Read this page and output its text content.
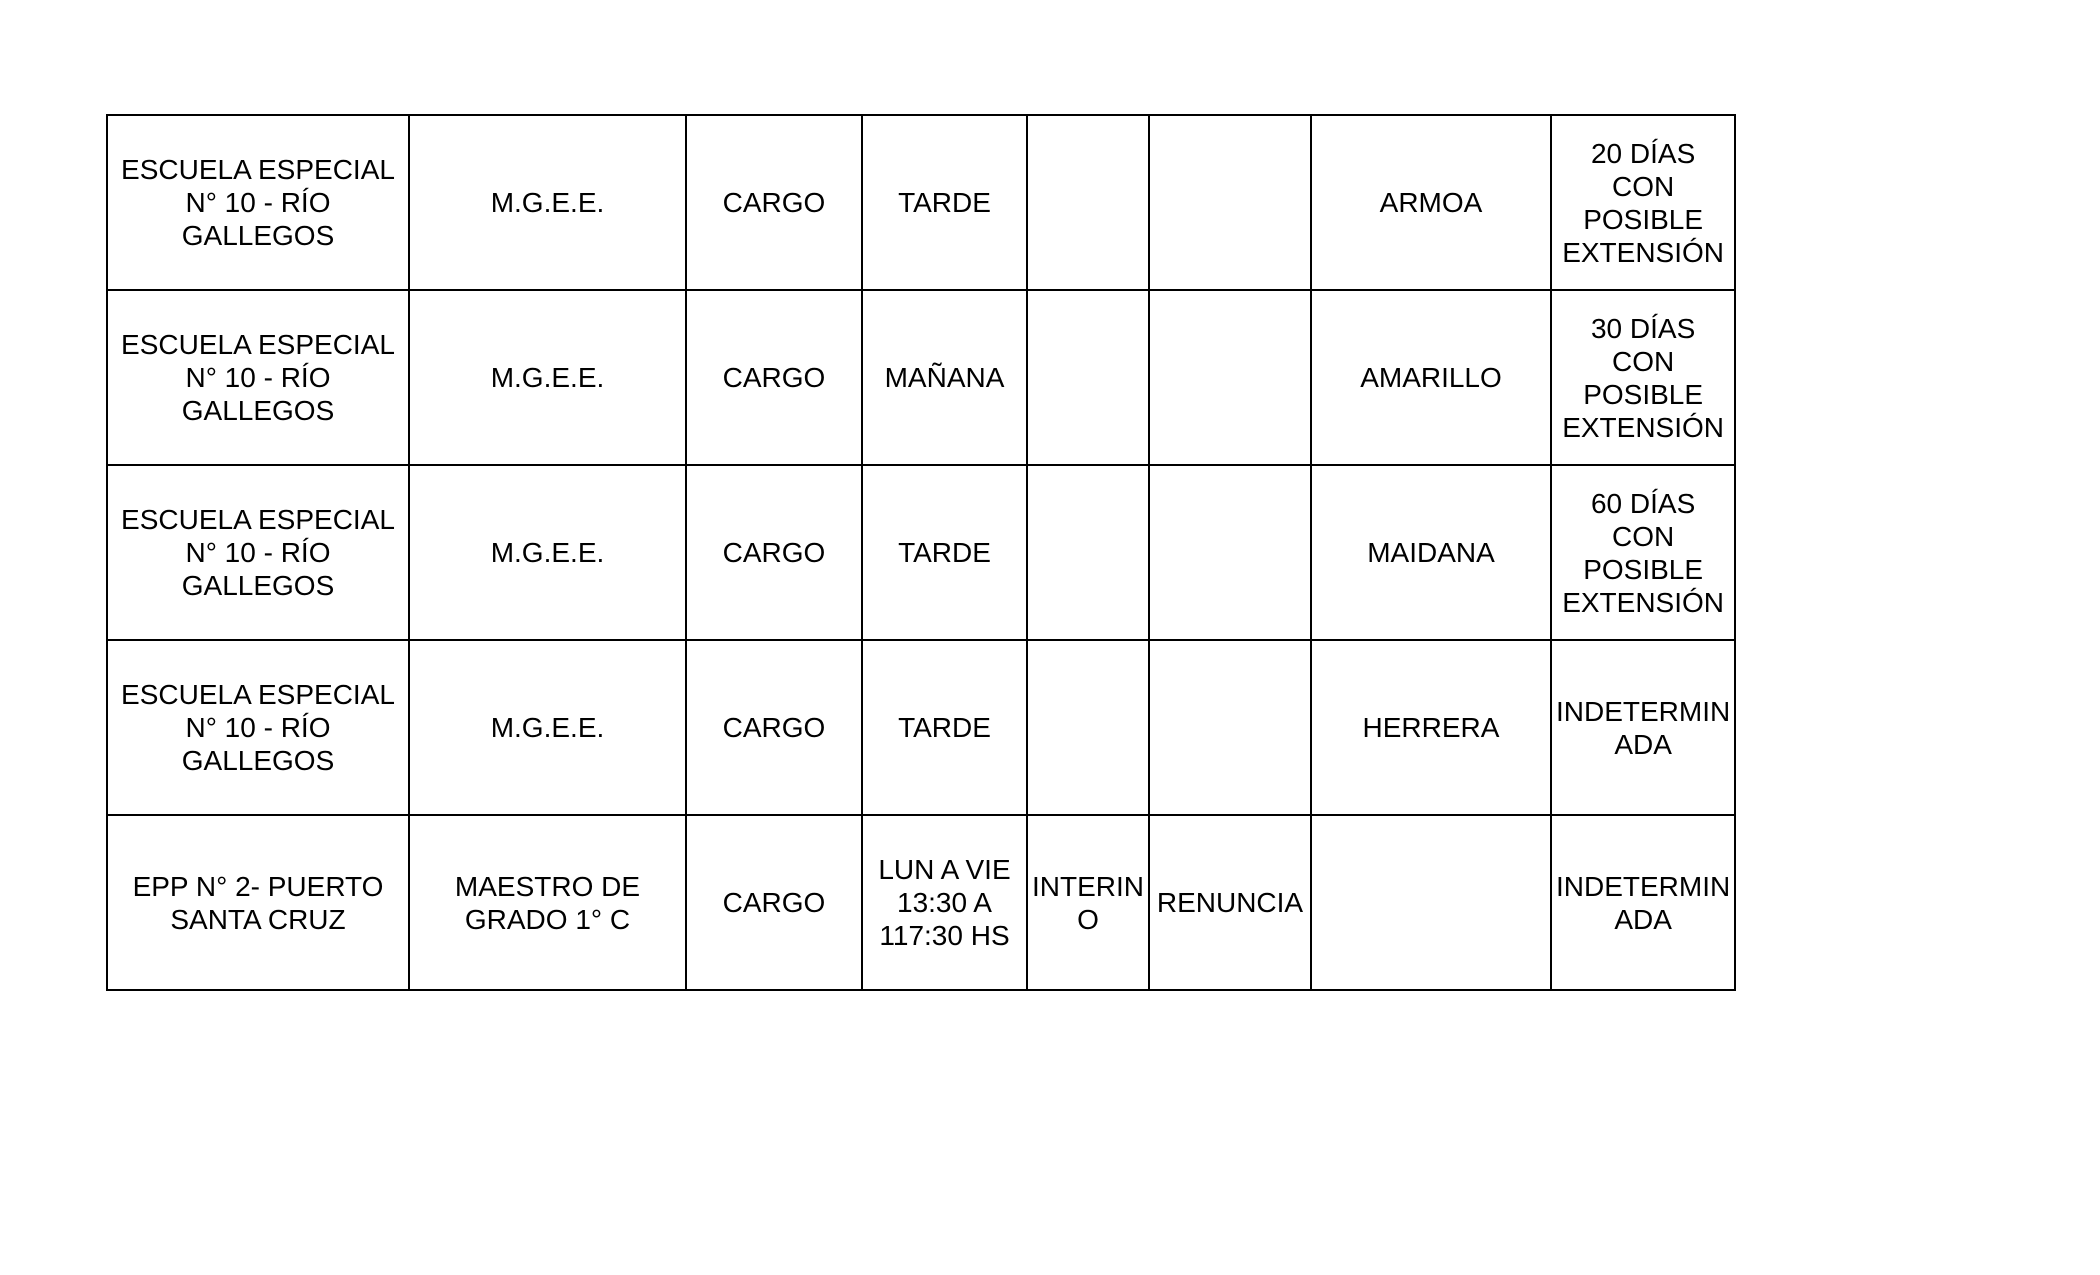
ESCUELA ESPECIAL
N° 10 - RÍO
GALLEGOS	M.G.E.E.	CARGO	TARDE			ARMOA	20 DÍAS CON
POSIBLE
EXTENSIÓN

ESCUELA ESPECIAL
N° 10 - RÍO
GALLEGOS	M.G.E.E.	CARGO	MAÑANA			AMARILLO	30 DÍAS CON
POSIBLE
EXTENSIÓN

ESCUELA ESPECIAL
N° 10 - RÍO
GALLEGOS	M.G.E.E.	CARGO	TARDE			MAIDANA	60 DÍAS CON
POSIBLE
EXTENSIÓN

ESCUELA ESPECIAL
N° 10 - RÍO
GALLEGOS	M.G.E.E.	CARGO	TARDE			HERRERA	INDETERMIN
ADA

EPP N° 2- PUERTO
SANTA CRUZ	MAESTRO DE
GRADO 1° C	CARGO	LUN A VIE
13:30 A
117:30 HS	INTERIN
O	RENUNCIA		INDETERMIN
ADA
